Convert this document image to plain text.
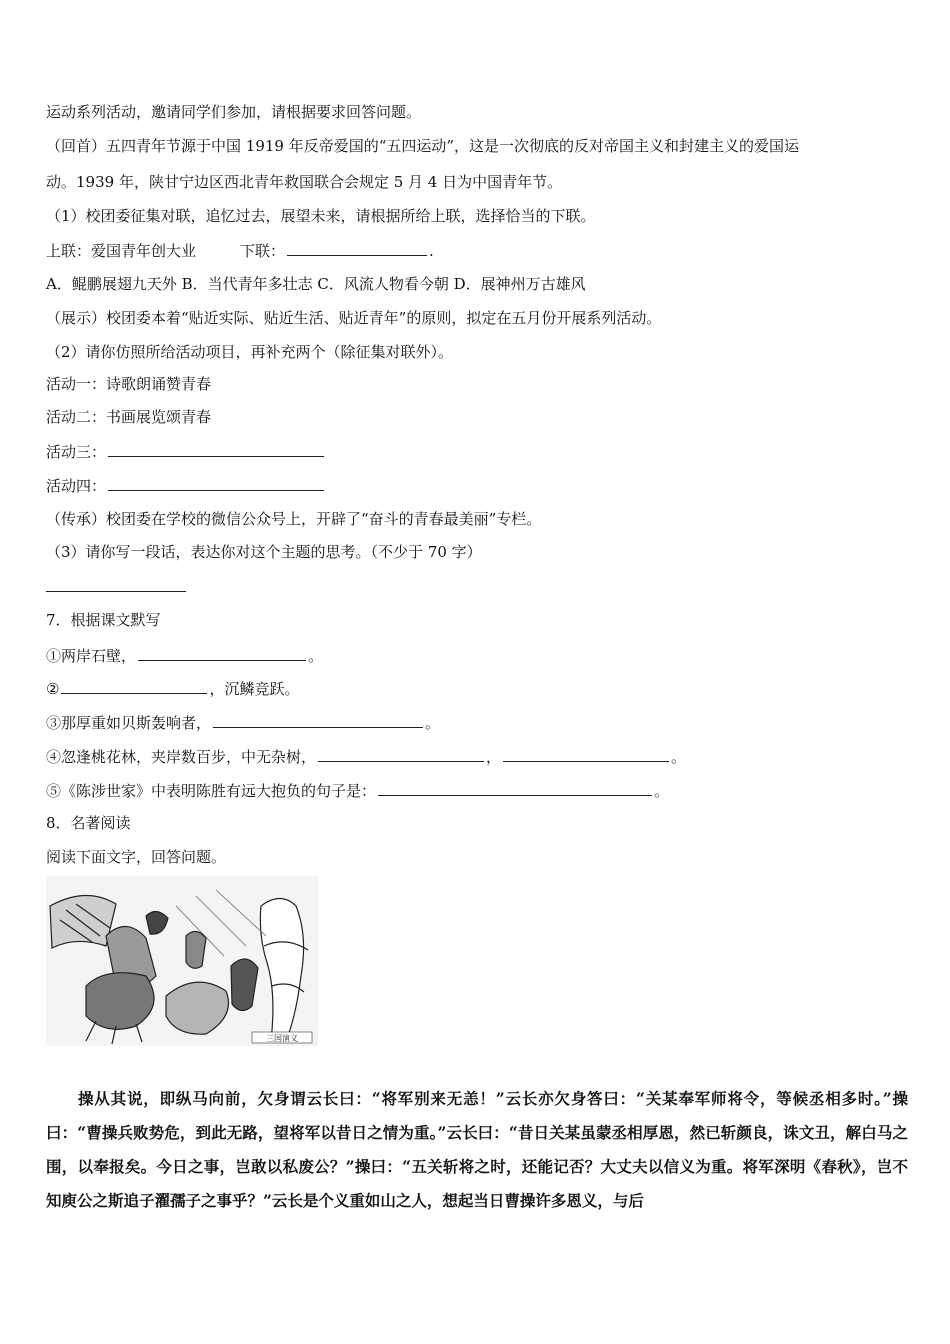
运动系列活动，邀请同学们参加，请根据要求回答问题。
（回首）五四青年节源于中国 1919 年反帝爱国的“五四运动”，这是一次彻底的反对帝国主义和封建主义的爱国运
动。1939 年，陕甘宁边区西北青年救国联合会规定 5 月 4 日为中国青年节。
（1）校团委征集对联，追忆过去，展望未来，请根据所给上联，选择恰当的下联。
上联：爱国青年创大业	下联：	.
A．鲲鹏展翅九天外 B．当代青年多壮志 C．风流人物看今朝 D．展神州万古雄风
（展示）校团委本着“贴近实际、贴近生活、贴近青年”的原则，拟定在五月份开展系列活动。
（2）请你仿照所给活动项目，再补充两个（除征集对联外）。
活动一：诗歌朗诵赞青春
活动二：书画展览颂青春
活动三：
活动四：
（传承）校团委在学校的微信公众号上，开辟了“奋斗的青春最美丽”专栏。
（3）请你写一段话，表达你对这个主题的思考。（不少于 70 字）
7．根据课文默写
①两岸石壁，	。
②	，沉鳞竞跃。
③那厚重如贝斯轰响者，	。
④忽逢桃花林，夹岸数百步，中无杂树，	，	。
⑤《陈涉世家》中表明陈胜有远大抱负的句子是：	。
8．名著阅读
阅读下面文字，回答问题。
三国演义
操从其说，即纵马向前，欠身谓云长曰：“将军别来无恙！”云长亦欠身答曰：“关某奉军师将令，等候丞相多时。”操曰：“曹操兵败势危，到此无路，望将军以昔日之情为重。”云长曰：“昔日关某虽蒙丞相厚恩，然已斩颜良，诛文丑，解白马之围，以奉报矣。今日之事，岂敢以私废公？”操曰：“五关斩将之时，还能记否？大丈夫以信义为重。将军深明《春秋》，岂不知庾公之斯追子濯孺子之事乎？”云长是个义重如山之人，想起当日曹操许多恩义，与后
